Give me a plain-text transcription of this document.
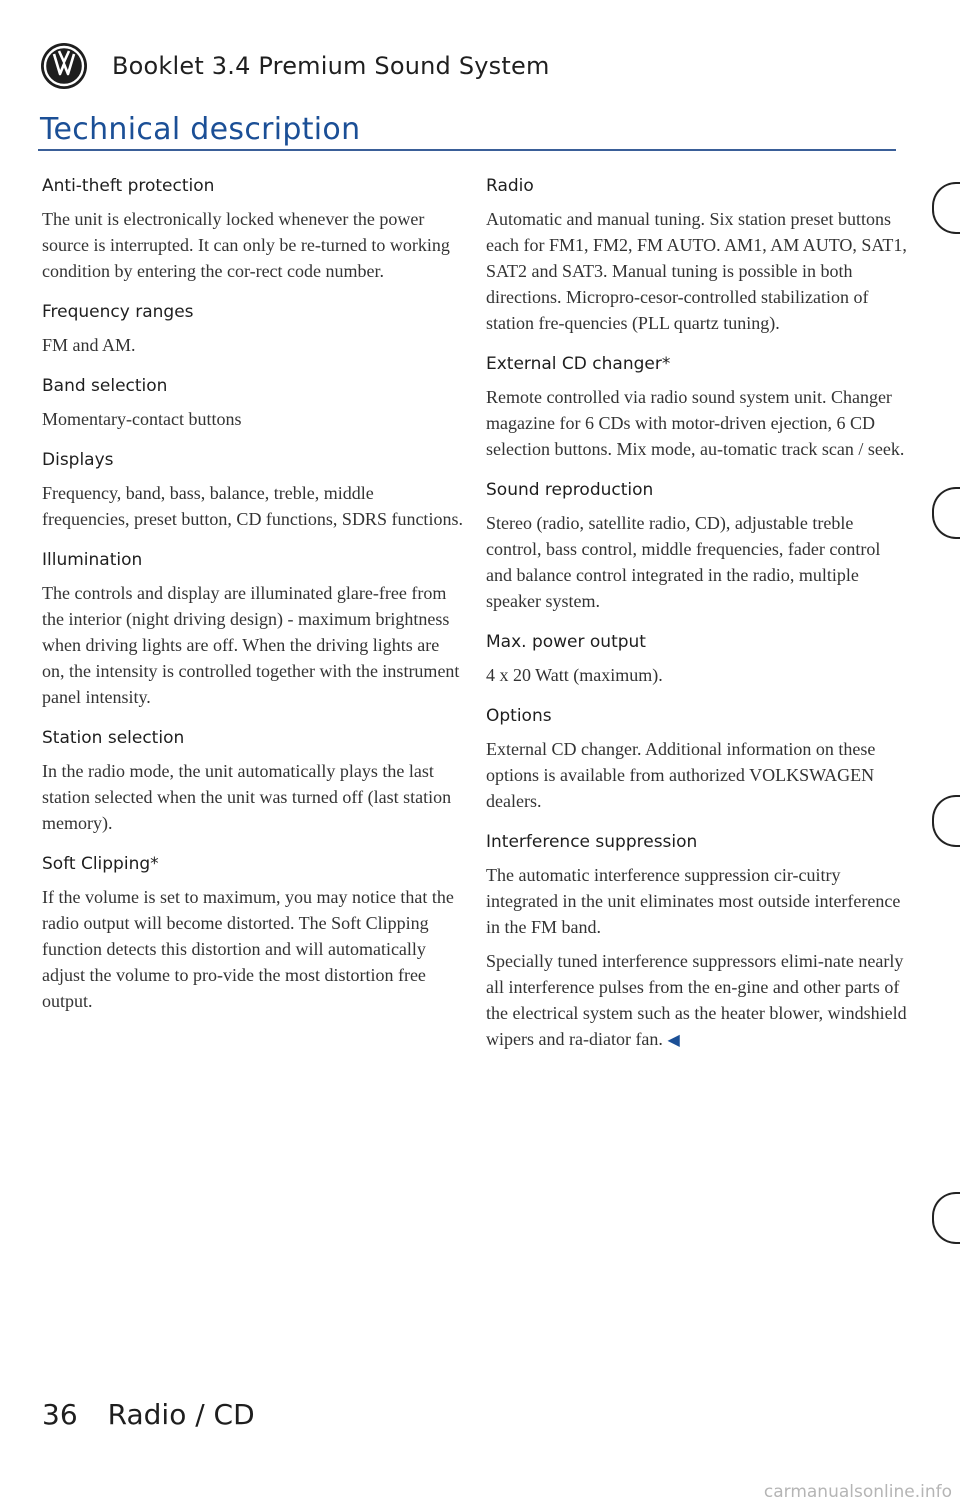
Booklet 3.4 Premium Sound System
Technical description
Anti-theft protection

The unit is electronically locked whenever the power source is interrupted. It can only be re-turned to working condition by entering the cor-rect code number.

Frequency ranges

FM and AM.

Band selection

Momentary-contact buttons

Displays

Frequency, band, bass, balance, treble, middle frequencies, preset button, CD functions, SDRS functions.

Illumination

The controls and display are illuminated glare-free from the interior (night driving design) - maximum brightness when driving lights are off. When the driving lights are on, the intensity is controlled together with the instrument panel intensity.

Station selection

In the radio mode, the unit automatically plays the last station selected when the unit was turned off (last station memory).

Soft Clipping*

If the volume is set to maximum, you may notice that the radio output will become distorted. The Soft Clipping function detects this distortion and will automatically adjust the volume to pro-vide the most distortion free output.

Radio

Automatic and manual tuning. Six station preset buttons each for FM1, FM2, FM AUTO. AM1, AM AUTO, SAT1, SAT2 and SAT3. Manual tuning is possible in both directions. Micropro-cesor-controlled stabilization of station fre-quencies (PLL quartz tuning).

External CD changer*

Remote controlled via radio sound system unit. Changer magazine for 6 CDs with motor-driven ejection, 6 CD selection buttons. Mix mode, au-tomatic track scan / seek.

Sound reproduction

Stereo (radio, satellite radio, CD), adjustable treble control, bass control, middle frequencies, fader control and balance control integrated in the radio, multiple speaker system.

Max. power output

4 x 20 Watt (maximum).

Options

External CD changer. Additional information on these options is available from authorized VOLKSWAGEN dealers.

Interference suppression

The automatic interference suppression cir-cuitry integrated in the unit eliminates most outside interference in the FM band.

Specially tuned interference suppressors elimi-nate nearly all interference pulses from the en-gine and other parts of the electrical system such as the heater blower, windshield wipers and ra-diator fan. ◀

36 Radio / CD
carmanualsonline.info
